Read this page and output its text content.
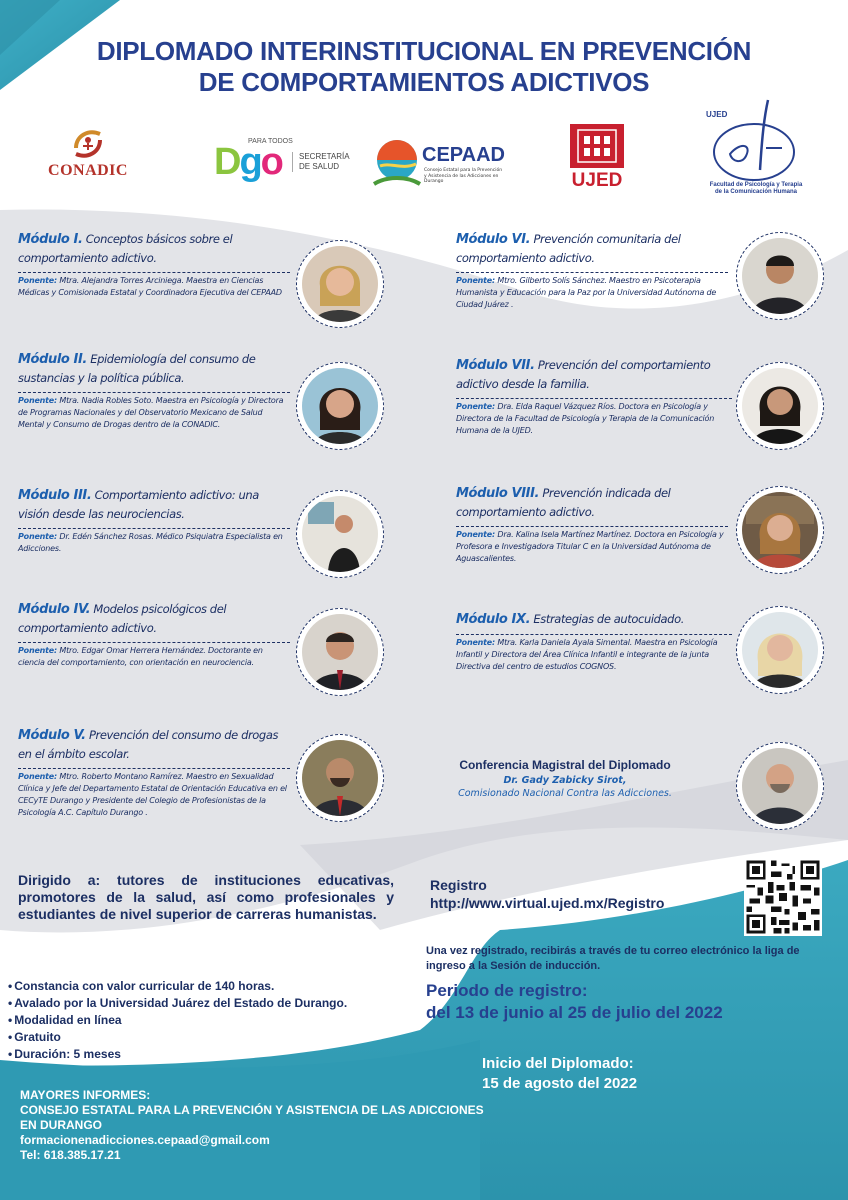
DIPLOMADO INTERINSTITUCIONAL EN PREVENCIÓN
DE COMPORTAMIENTOS ADICTIVOS
CONADIC
PARA TODOS
Dgo	SECRETARÍA DE SALUD
CEPAAD
Consejo Estatal para la Prevención y Asistencia de las Adicciones en Durango	UJED
UJED
Facultad de Psicología y Terapia de la Comunicación Humana
Módulo I. Conceptos básicos sobre el comportamiento adictivo.
Ponente: Mtra. Alejandra Torres Arciniega. Maestra en Ciencias Médicas y Comisionada Estatal y Coordinadora Ejecutiva del CEPAAD
Módulo II. Epidemiología del consumo de sustancias y la política pública.
Ponente: Mtra. Nadia Robles Soto. Maestra en Psicología y Directora de Programas Nacionales y del Observatorio Mexicano de Salud Mental y Consumo de Drogas dentro de la CONADIC.
Módulo III. Comportamiento adictivo: una visión desde las neurociencias.
Ponente: Dr. Edén Sánchez Rosas. Médico Psiquiatra Especialista en Adicciones.
Módulo IV. Modelos psicológicos del comportamiento adictivo.
Ponente: Mtro. Edgar Omar Herrera Hernández. Doctorante en ciencia del comportamiento, con orientación en neurociencia.
Módulo V. Prevención del consumo de drogas en el ámbito escolar.
Ponente: Mtro. Roberto Montano Ramírez. Maestro en Sexualidad Clínica y Jefe del Departamento Estatal de Orientación Educativa en el CECyTE Durango y Presidente del Colegio de Profesionistas de la Psicología A.C. Capítulo Durango .
Módulo VI. Prevención comunitaria del comportamiento adictivo.
Ponente: Mtro. Gilberto Solís Sánchez. Maestro en Psicoterapia Humanista y Educación para la Paz por la Universidad Autónoma de Ciudad Juárez .
Módulo VII. Prevención del comportamiento adictivo desde la familia.
Ponente: Dra. Elda Raquel Vázquez Ríos. Doctora en Psicología y Directora de la Facultad de Psicología y Terapia de la Comunicación Humana de la UJED.
Módulo VIII. Prevención indicada del comportamiento adictivo.
Ponente: Dra. Kalina Isela Martínez Martínez. Doctora en Psicología y Profesora e Investigadora Titular C en la Universidad Autónoma de Aguascalientes.
Módulo IX. Estrategias de autocuidado.
Ponente: Mtra. Karla Daniela Ayala Simental. Maestra en Psicología Infantil y Directora del Área Clínica Infantil e integrante de la junta Directiva del centro de estudios COGNOS.
Conferencia Magistral del Diplomado
Dr. Gady Zabicky Sirot,
Comisionado Nacional Contra las Adicciones.
Dirigido a: tutores de instituciones educativas, promotores de la salud, así como profesionales y estudiantes de nivel superior de carreras humanistas.
Registro
http://www.virtual.ujed.mx/Registro
Una vez registrado, recibirás a través de tu correo electrónico la liga de ingreso a la Sesión de inducción.
Periodo de registro:
del 13 de junio al 25 de julio del 2022
• Constancia con valor curricular de 140 horas.
• Avalado por la Universidad Juárez del Estado de Durango.
• Modalidad en línea
• Gratuito
• Duración: 5 meses
Inicio del Diplomado:
15 de agosto del 2022
MAYORES INFORMES:
CONSEJO ESTATAL PARA LA PREVENCIÓN Y ASISTENCIA DE LAS ADICCIONES
EN DURANGO
formacionenadicciones.cepaad@gmail.com
Tel: 618.385.17.21
